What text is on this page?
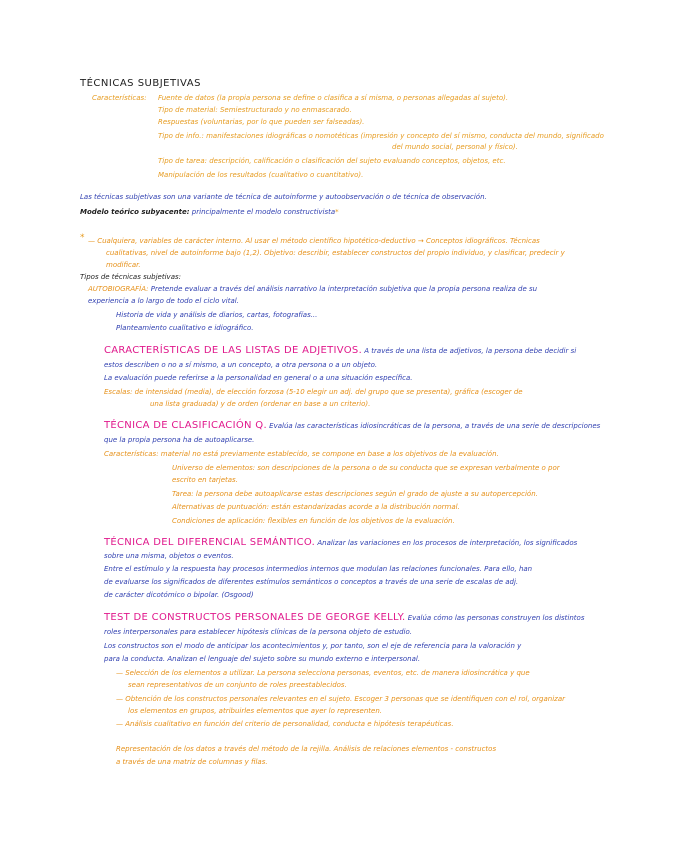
TÉCNICAS SUBJETIVAS
Características: Fuente de datos (la propia persona se define o clasifica a sí misma, o personas allegadas al sujeto).
Tipo de material: Semiestructurado y no enmascarado.
Respuestas (voluntarias, por lo que pueden ser falseadas).
Tipo de info.: manifestaciones idiográficas o nomotéticas (impresión y concepto del sí mismo, conducta del mundo, significado
del mundo social, personal y físico).
Tipo de tarea: descripción, calificación o clasificación del sujeto evaluando conceptos, objetos, etc.
Manipulación de los resultados (cualitativo o cuantitativo).
Las técnicas subjetivas son una variante de técnica de autoinforme y autoobservación o de técnica de observación.
Modelo teórico subyacente: principalmente el modelo constructivista*
* — Cualquiera, variables de carácter interno. Al usar el método científico hipotético-deductivo → Conceptos idiográficos. Técnicas
cualitativas, nivel de autoinforme bajo (1,2). Objetivo: describir, establecer constructos del propio individuo, y clasificar, predecir y
modificar.
Tipos de técnicas subjetivas:
AUTOBIOGRAFÍA: Pretende evaluar a través del análisis narrativo la interpretación subjetiva que la propia persona realiza de su
experiencia a lo largo de todo el ciclo vital.
Historia de vida y análisis de diarios, cartas, fotografías...
Planteamiento cualitativo e idiográfico.
CARACTERÍSTICAS DE LAS LISTAS DE ADJETIVOS. A través de una lista de adjetivos, la persona debe decidir si
estos describen o no a sí mismo, a un concepto, a otra persona o a un objeto.
La evaluación puede referirse a la personalidad en general o a una situación específica.
Escalas: de intensidad (media), de elección forzosa (5-10 elegir un adj. del grupo que se presenta), gráfica (escoger de
una lista graduada) y de orden (ordenar en base a un criterio).
TÉCNICA DE CLASIFICACIÓN Q. Evalúa las características idiosincráticas de la persona, a través de una serie de descripciones
que la propia persona ha de autoaplicarse.
Características: material no está previamente establecido, se compone en base a los objetivos de la evaluación.
Universo de elementos: son descripciones de la persona o de su conducta que se expresan verbalmente o por
escrito en tarjetas.
Tarea: la persona debe autoaplicarse estas descripciones según el grado de ajuste a su autopercepción.
Alternativas de puntuación: están estandarizadas acorde a la distribución normal.
Condiciones de aplicación: flexibles en función de los objetivos de la evaluación.
TÉCNICA DEL DIFERENCIAL SEMÁNTICO. Analizar las variaciones en los procesos de interpretación, los significados
sobre una misma, objetos o eventos.
Entre el estímulo y la respuesta hay procesos intermedios internos que modulan las relaciones funcionales. Para ello, han
de evaluarse los significados de diferentes estímulos semánticos o conceptos a través de una serie de escalas de adj.
de carácter dicotómico o bipolar. (Osgood)
TEST DE CONSTRUCTOS PERSONALES DE GEORGE KELLY. Evalúa cómo las personas construyen los distintos
roles interpersonales para establecer hipótesis clínicas de la persona objeto de estudio.
Los constructos son el modo de anticipar los acontecimientos y, por tanto, son el eje de referencia para la valoración y
para la conducta. Analizan el lenguaje del sujeto sobre su mundo externo e interpersonal.
— Selección de los elementos a utilizar. La persona selecciona personas, eventos, etc. de manera idiosincrática y que
sean representativos de un conjunto de roles preestablecidos.
— Obtención de los constructos personales relevantes en el sujeto. Escoger 3 personas que se identifiquen con el rol, organizar
los elementos en grupos, atribuirles elementos que ayer lo representen.
— Análisis cualitativo en función del criterio de personalidad, conducta e hipótesis terapéuticas.
Representación de los datos a través del método de la rejilla. Análisis de relaciones elementos - constructos
a través de una matriz de columnas y filas.
